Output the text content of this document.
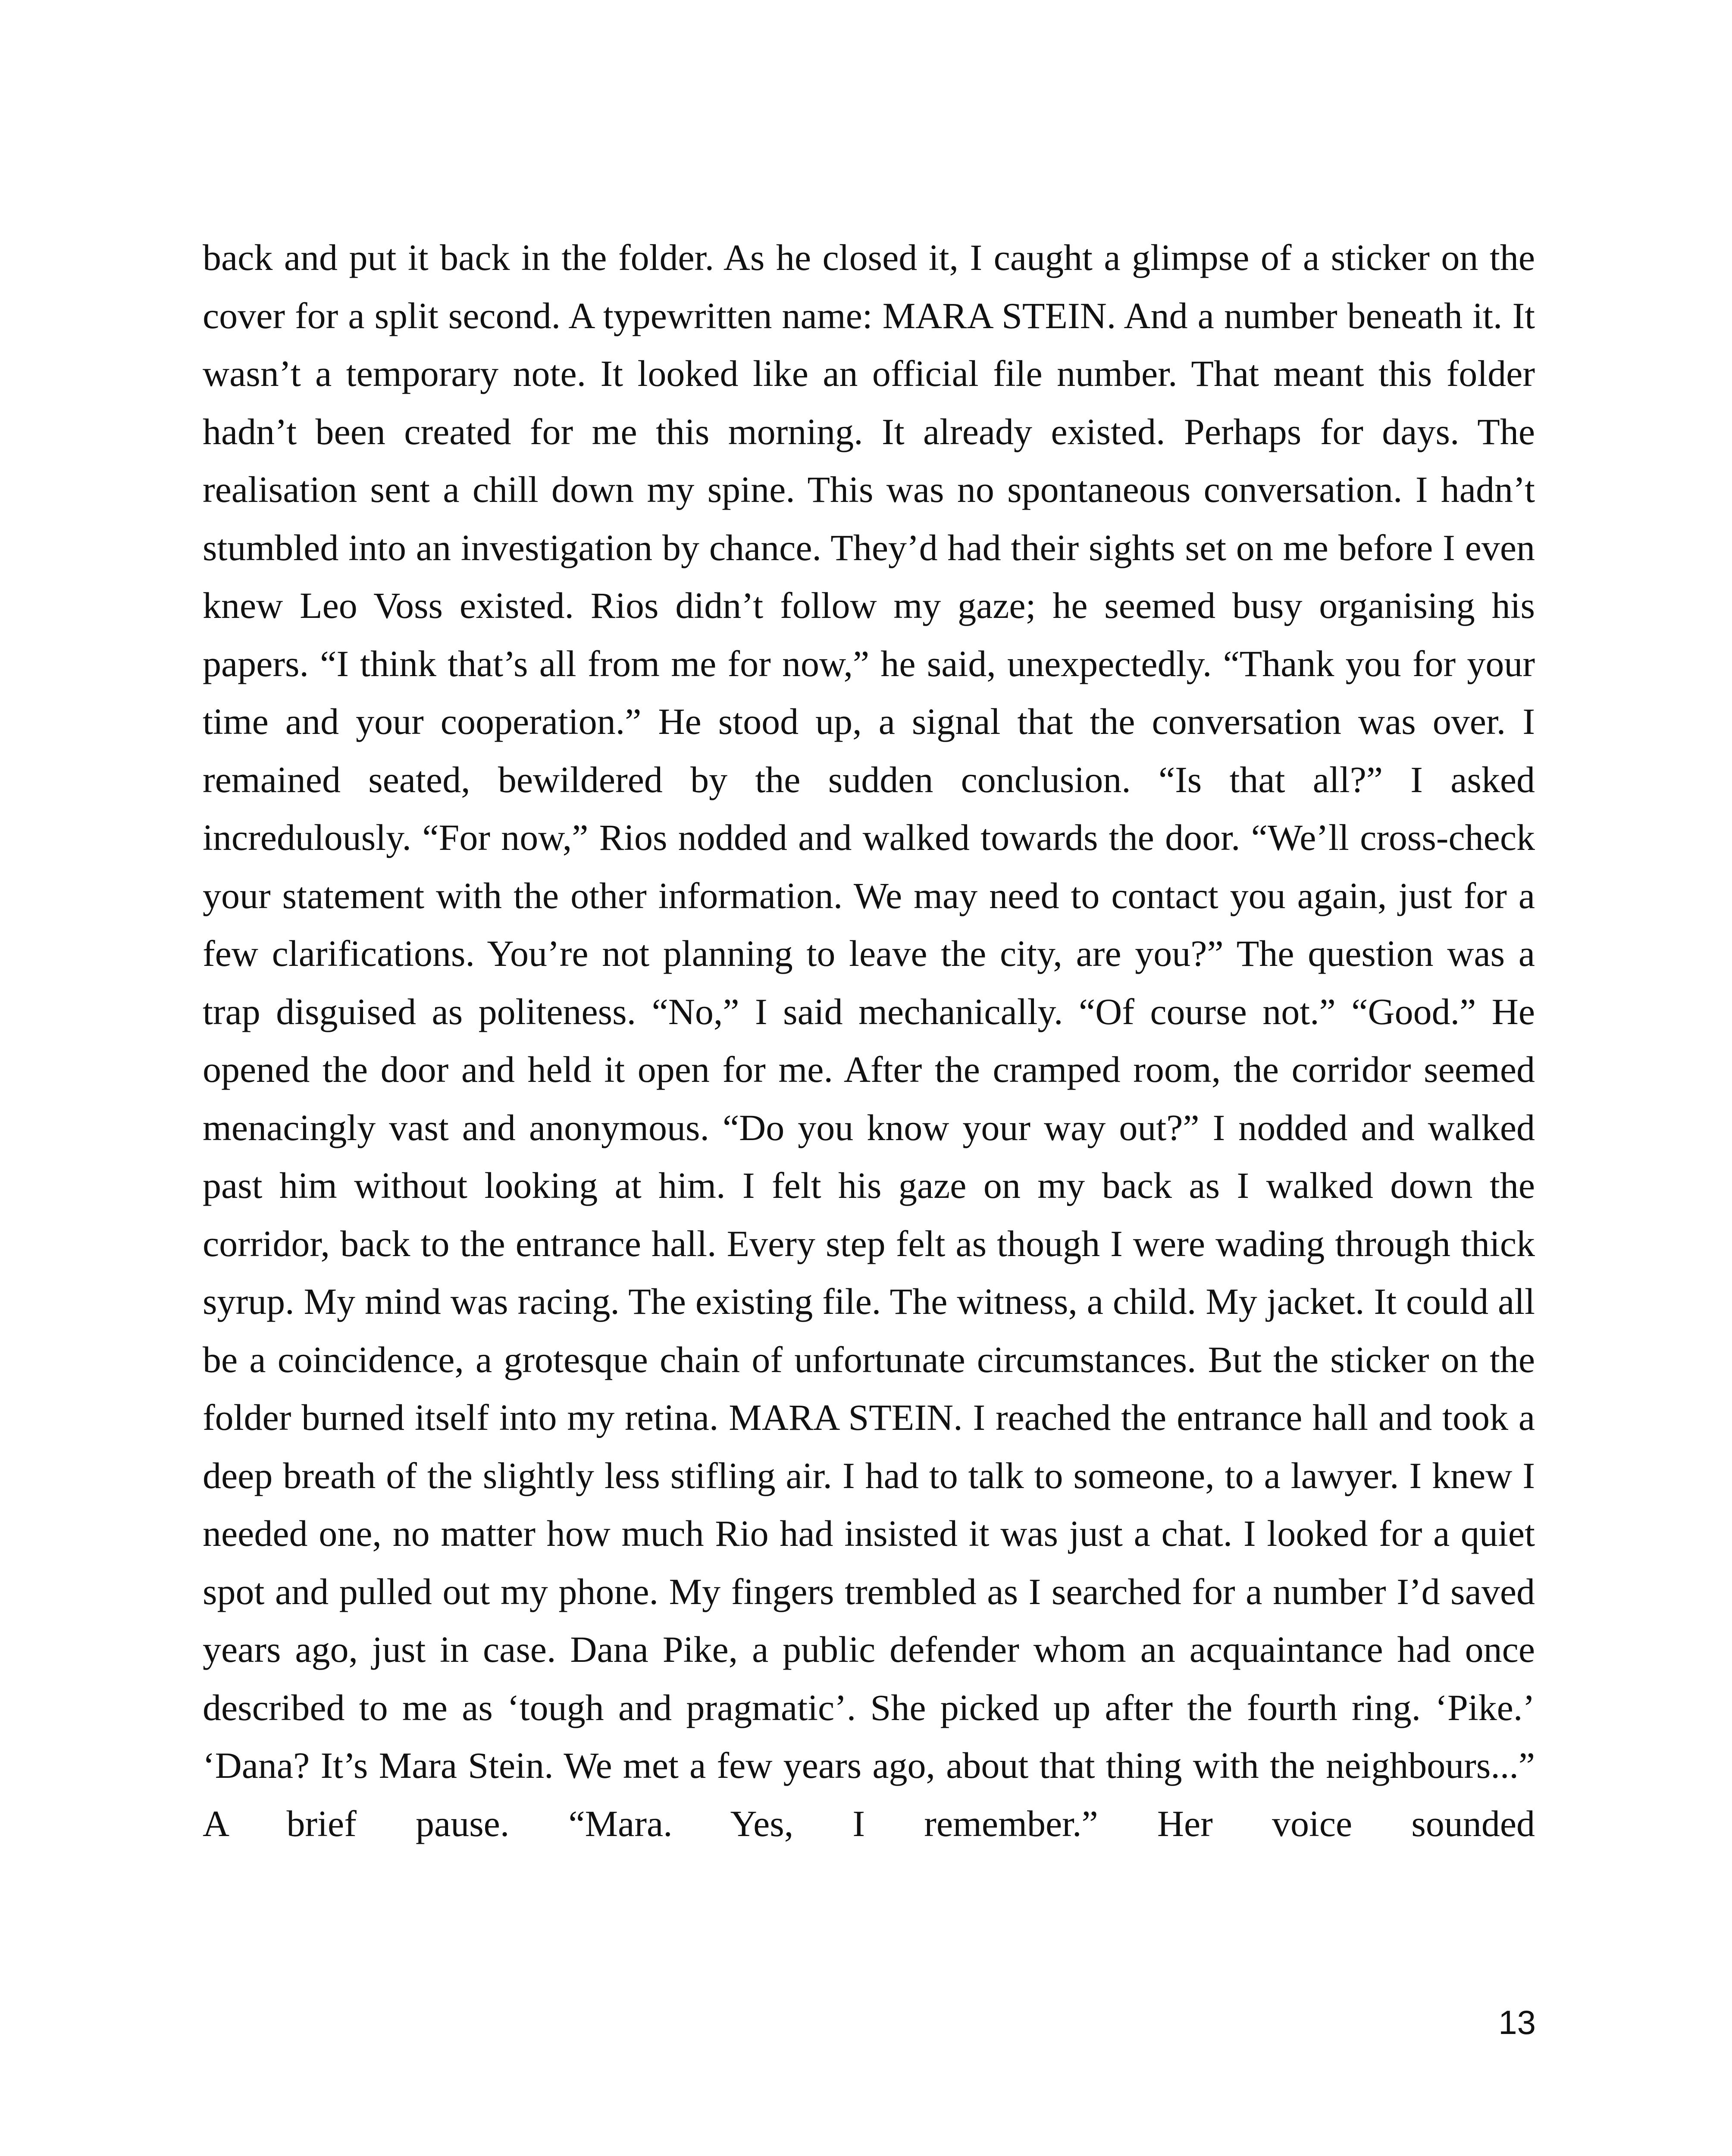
back and put it back in the folder. As he closed it, I caught a glimpse of a sticker on the cover for a split second. A typewritten name: MARA STEIN. And a number beneath it. It wasn’t a temporary note. It looked like an official file number. That meant this folder hadn’t been created for me this morning. It already existed. Perhaps for days. The realisation sent a chill down my spine. This was no spontaneous conversation. I hadn’t stumbled into an investigation by chance. They’d had their sights set on me before I even knew Leo Voss existed. Rios didn’t follow my gaze; he seemed busy organising his papers. “I think that’s all from me for now,” he said, unexpectedly. “Thank you for your time and your cooperation.” He stood up, a signal that the conversation was over. I remained seated, bewildered by the sudden conclusion. “Is that all?” I asked incredulously. “For now,” Rios nodded and walked towards the door. “We’ll cross-check your statement with the other information. We may need to contact you again, just for a few clarifications. You’re not planning to leave the city, are you?” The question was a trap disguised as politeness. “No,” I said mechanically. “Of course not.” “Good.” He opened the door and held it open for me. After the cramped room, the corridor seemed menacingly vast and anonymous. “Do you know your way out?” I nodded and walked past him without looking at him. I felt his gaze on my back as I walked down the corridor, back to the entrance hall. Every step felt as though I were wading through thick syrup. My mind was racing. The existing file. The witness, a child. My jacket. It could all be a coincidence, a grotesque chain of unfortunate circumstances. But the sticker on the folder burned itself into my retina. MARA STEIN. I reached the entrance hall and took a deep breath of the slightly less stifling air. I had to talk to someone, to a lawyer. I knew I needed one, no matter how much Rio had insisted it was just a chat. I looked for a quiet spot and pulled out my phone. My fingers trembled as I searched for a number I’d saved years ago, just in case. Dana Pike, a public defender whom an acquaintance had once described to me as ‘tough and pragmatic’. She picked up after the fourth ring. ‘Pike.’ ‘Dana? It’s Mara Stein. We met a few years ago, about that thing with the neighbours...” A brief pause. “Mara. Yes, I remember.” Her voice sounded

13
